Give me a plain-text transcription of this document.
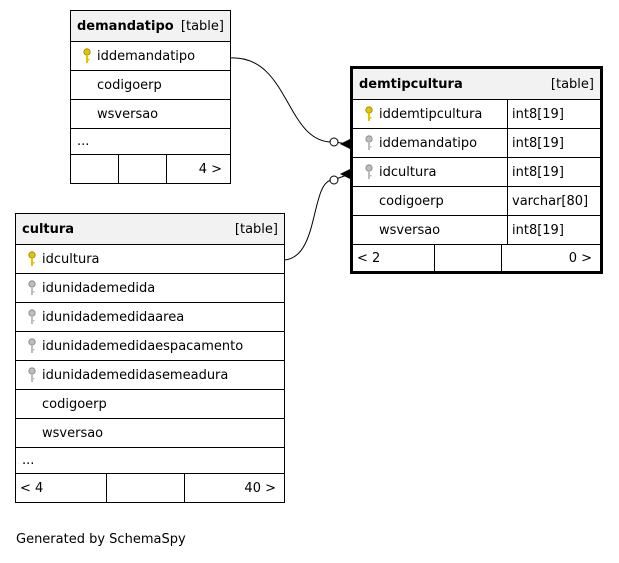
demandatipo [table]
iddemandatipo
codigoerp
wsversao
...
4 >
demtipcultura	[table]
iddemtipcultura	int8[19]
iddemandatipo	int8[19]
idcultura	int8[19]
codigoerp	varchar[80]
wsversao	int8[19]
< 2	0 >
cultura	[table]
idcultura
idunidademedida
idunidademedidaarea
idunidademedidaespacamento
idunidademedidasemeadura
codigoerp
wsversao
...
< 4	40 >
Generated by SchemaSpy
